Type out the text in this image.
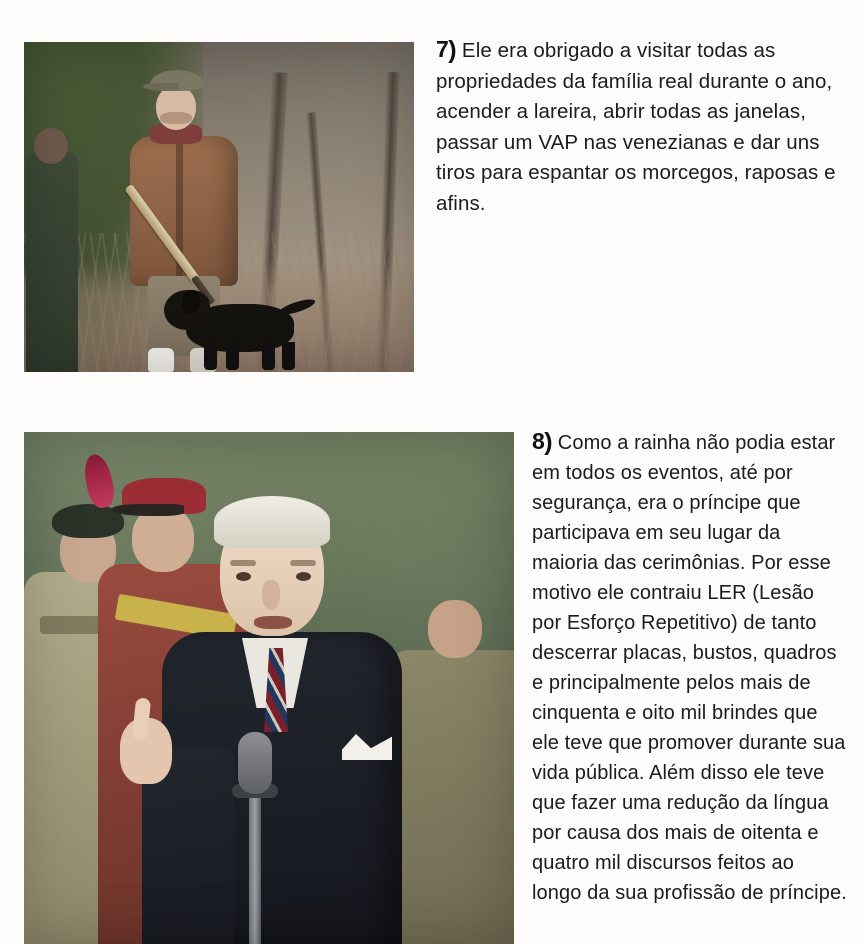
7) Ele era obrigado a visitar todas as propriedades da família real durante o ano, acender a lareira, abrir todas as janelas, passar um VAP nas venezianas e dar uns tiros para espantar os morcegos, raposas e afins.

8) Como a rainha não podia estar em todos os eventos, até por segurança, era o príncipe que participava em seu lugar da maioria das cerimônias. Por esse motivo ele contraiu LER (Lesão por Esforço Repetitivo) de tanto descerrar placas, bustos, quadros e principalmente pelos mais de cinquenta e oito mil brindes que ele teve que promover durante sua vida pública. Além disso ele teve que fazer uma redução da língua por causa dos mais de oitenta e quatro mil discursos feitos ao longo da sua profissão de príncipe.
